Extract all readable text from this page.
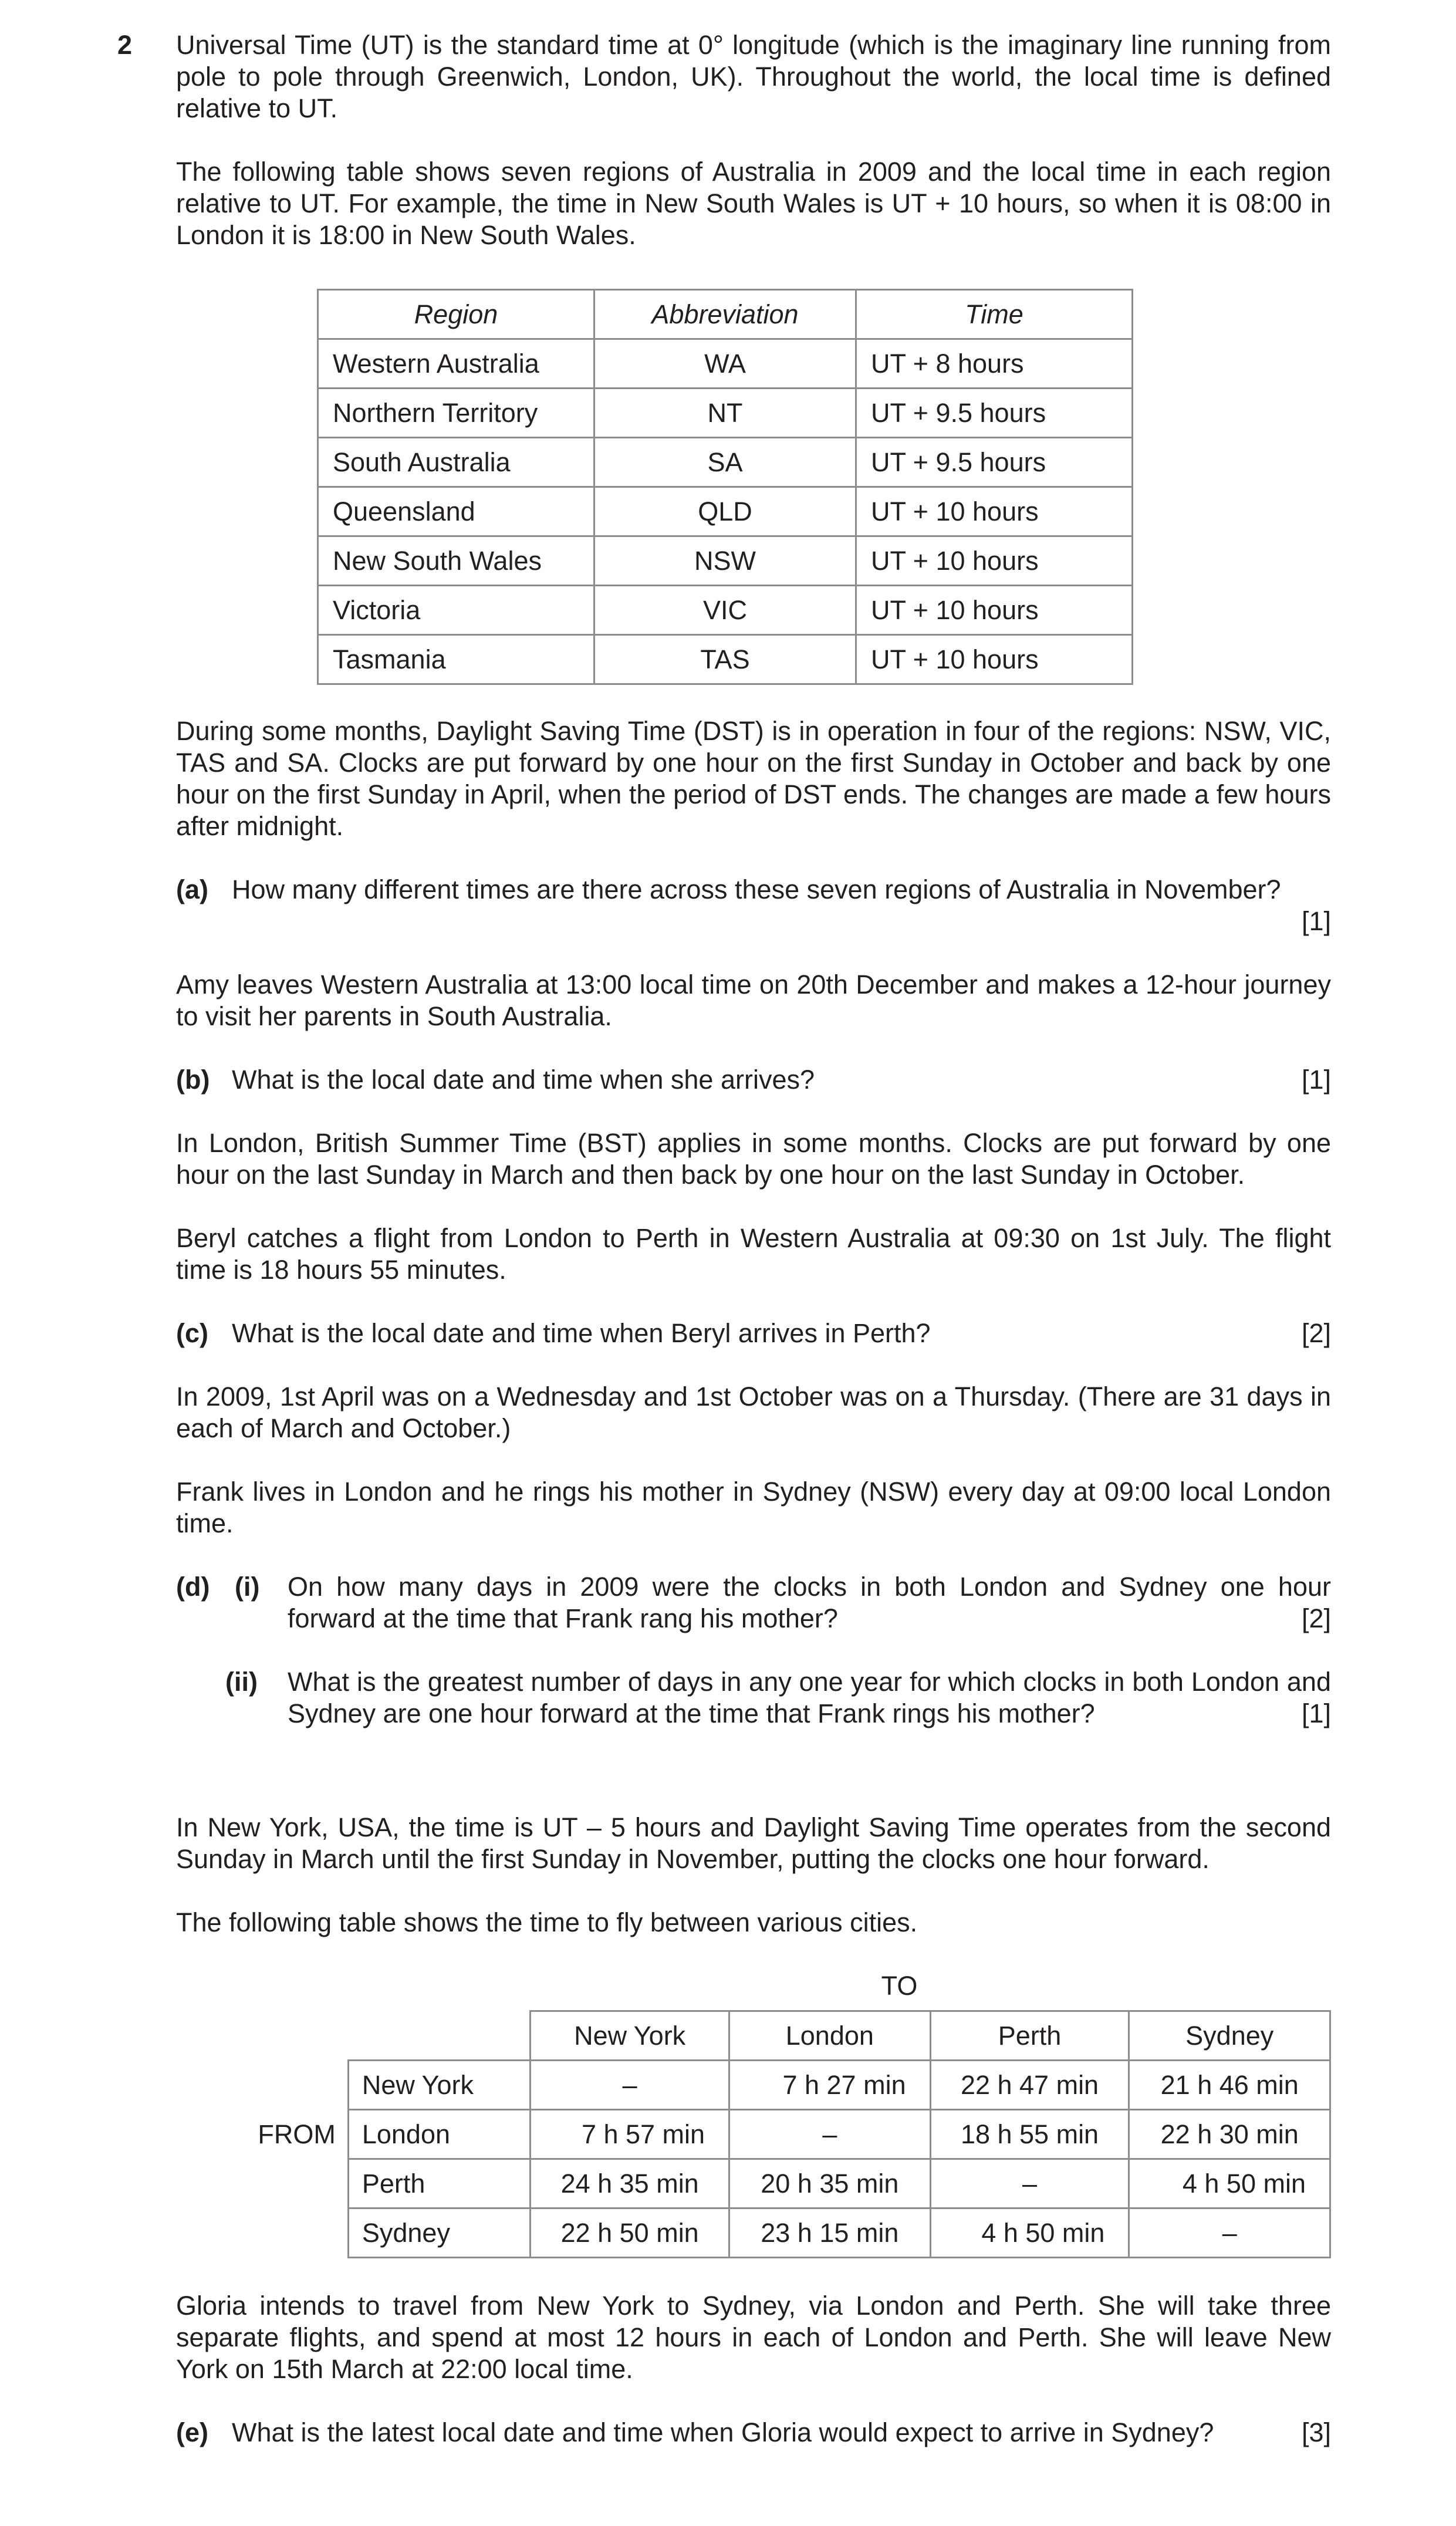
2 Universal Time (UT) is the standard time at 0° longitude (which is the imaginary line running from pole to pole through Greenwich, London, UK). Throughout the world, the local time is defined relative to UT.

The following table shows seven regions of Australia in 2009 and the local time in each region relative to UT. For example, the time in New South Wales is UT + 10 hours, so when it is 08:00 in London it is 18:00 in New South Wales.

Region	Abbreviation	Time
Western Australia	WA	UT + 8 hours
Northern Territory	NT	UT + 9.5 hours
South Australia	SA	UT + 9.5 hours
Queensland	QLD	UT + 10 hours
New South Wales	NSW	UT + 10 hours
Victoria	VIC	UT + 10 hours
Tasmania	TAS	UT + 10 hours

During some months, Daylight Saving Time (DST) is in operation in four of the regions: NSW, VIC, TAS and SA. Clocks are put forward by one hour on the first Sunday in October and back by one hour on the first Sunday in April, when the period of DST ends. The changes are made a few hours after midnight.

(a) How many different times are there across these seven regions of Australia in November?
[1]

Amy leaves Western Australia at 13:00 local time on 20th December and makes a 12-hour journey to visit her parents in South Australia.

(b)	[1]
What is the local date and time when she arrives?

In London, British Summer Time (BST) applies in some months. Clocks are put forward by one hour on the last Sunday in March and then back by one hour on the last Sunday in October.

Beryl catches a flight from London to Perth in Western Australia at 09:30 on 1st July. The flight time is 18 hours 55 minutes.

(c)	[2]
What is the local date and time when Beryl arrives in Perth?

In 2009, 1st April was on a Wednesday and 1st October was on a Thursday. (There are 31 days in each of March and October.)

Frank lives in London and he rings his mother in Sydney (NSW) every day at 09:00 local London time.

(d) (i)	On how many days in 2009 were the clocks in both London and Sydney one hour forward at the time that Frank rang his mother?	[2]
(ii)	What is the greatest number of days in any one year for which clocks in both London and Sydney are one hour forward at the time that Frank rings his mother?	[1]

In New York, USA, the time is UT – 5 hours and Daylight Saving Time operates from the second Sunday in March until the first Sunday in November, putting the clocks one hour forward.

The following table shows the time to fly between various cities.

TO
FROM
	New York	London	Perth	Sydney
New York	–	7 h 27 min	22 h 47 min	21 h 46 min
London	7 h 57 min	–	18 h 55 min	22 h 30 min
Perth	24 h 35 min	20 h 35 min	–	4 h 50 min
Sydney	22 h 50 min	23 h 15 min	4 h 50 min	–

Gloria intends to travel from New York to Sydney, via London and Perth. She will take three separate flights, and spend at most 12 hours in each of London and Perth. She will leave New York on 15th March at 22:00 local time.

(e)	[3]
What is the latest local date and time when Gloria would expect to arrive in Sydney?
